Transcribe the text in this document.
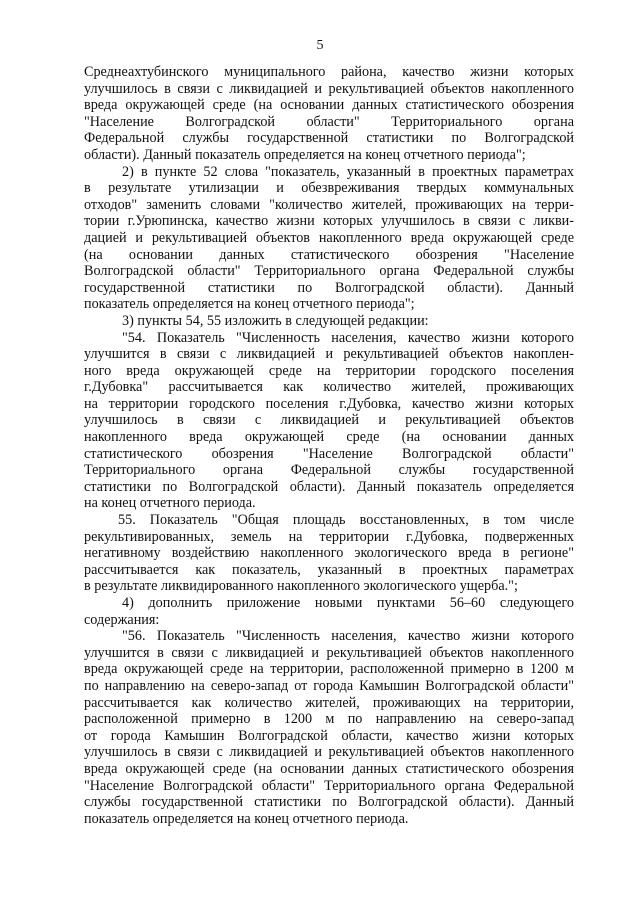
5
Среднеахтубинского муниципального района, качество жизни которых
улучшилось в связи с ликвидацией и рекультивацией объектов накопленного
вреда окружающей среде (на основании данных статистического обозрения
"Население Волгоградской области" Территориального органа
Федеральной службы государственной статистики по Волгоградской
области). Данный показатель определяется на конец отчетного периода";
2) в пункте 52 слова "показатель, указанный в проектных параметрах
в результате утилизации и обезвреживания твердых коммунальных
отходов" заменить словами "количество жителей, проживающих на терри-
тории г.Урюпинска, качество жизни которых улучшилось в связи с ликви-
дацией и рекультивацией объектов накопленного вреда окружающей среде
(на основании данных статистического обозрения "Население
Волгоградской области" Территориального органа Федеральной службы
государственной статистики по Волгоградской области). Данный
показатель определяется на конец отчетного периода";
3) пункты 54, 55 изложить в следующей редакции:
"54. Показатель "Численность населения, качество жизни которого
улучшится в связи с ликвидацией и рекультивацией объектов накоплен-
ного вреда окружающей среде на территории городского поселения
г.Дубовка" рассчитывается как количество жителей, проживающих
на территории городского поселения г.Дубовка, качество жизни которых
улучшилось в связи с ликвидацией и рекультивацией объектов
накопленного вреда окружающей среде (на основании данных
статистического обозрения "Население Волгоградской области"
Территориального органа Федеральной службы государственной
статистики по Волгоградской области). Данный показатель определяется
на конец отчетного периода.
55. Показатель "Общая площадь восстановленных, в том числе
рекультивированных, земель на территории г.Дубовка, подверженных
негативному воздействию накопленного экологического вреда в регионе"
рассчитывается как показатель, указанный в проектных параметрах
в результате ликвидированного накопленного экологического ущерба.";
4) дополнить приложение новыми пунктами 56–60 следующего
содержания:
"56. Показатель "Численность населения, качество жизни которого
улучшится в связи с ликвидацией и рекультивацией объектов накопленного
вреда окружающей среде на территории, расположенной примерно в 1200 м
по направлению на северо-запад от города Камышин Волгоградской области"
рассчитывается как количество жителей, проживающих на территории,
расположенной примерно в 1200 м по направлению на северо-запад
от города Камышин Волгоградской области, качество жизни которых
улучшилось в связи с ликвидацией и рекультивацией объектов накопленного
вреда окружающей среде (на основании данных статистического обозрения
"Население Волгоградской области" Территориального органа Федеральной
службы государственной статистики по Волгоградской области). Данный
показатель определяется на конец отчетного периода.
